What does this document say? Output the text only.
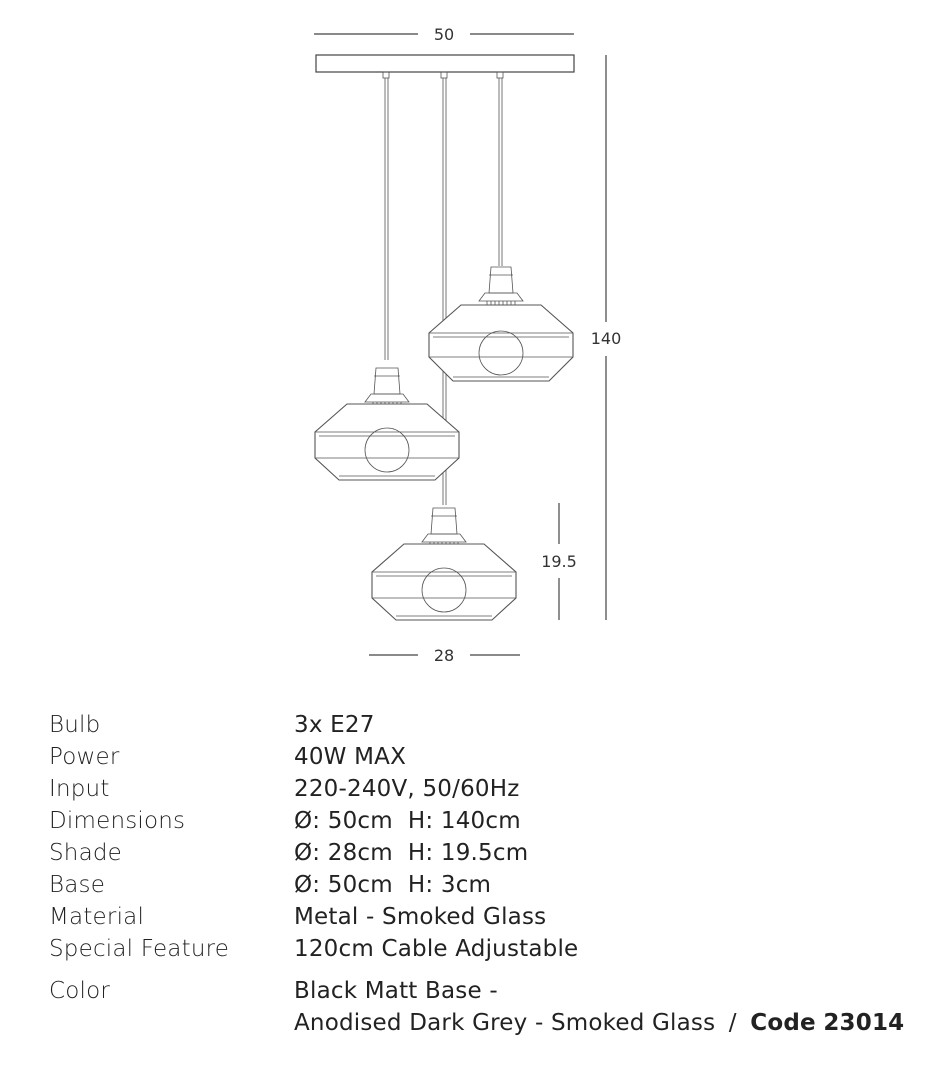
50
140
19.5
28
Bulb	3x E27
Power	40W MAX
Input	220-240V, 50/60Hz
Dimensions	Ø: 50cm  H: 140cm
Shade	Ø: 28cm  H: 19.5cm
Base	Ø: 50cm  H: 3cm
Material	Metal - Smoked Glass
Special Feature	120cm Cable Adjustable
Color	Black Matt Base -
Anodised Dark Grey - Smoked Glass / Code 23014
